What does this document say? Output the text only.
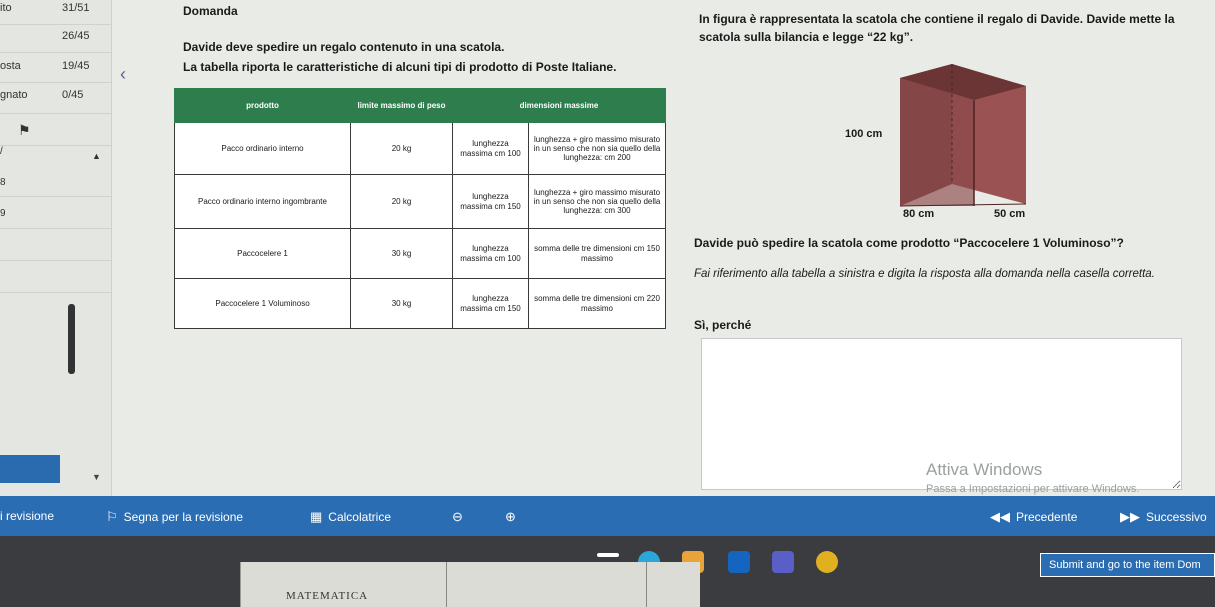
ito	31/51
26/45
osta	19/45
gnato	0/45
⚑
/	▲
8
9
▼
‹
Domanda
Davide deve spedire un regalo contenuto in una scatola.
La tabella riporta le caratteristiche di alcuni tipi di prodotto di Poste Italiane.
prodotto	limite massimo di peso	dimensioni massime	
Pacco ordinario interno	20 kg	lunghezza massima cm 100	lunghezza + giro massimo misurato in un senso che non sia quello della lunghezza: cm 200
Pacco ordinario interno ingombrante	20 kg	lunghezza massima cm 150	lunghezza + giro massimo misurato in un senso che non sia quello della lunghezza: cm 300
Paccocelere 1	30 kg	lunghezza massima cm 100	somma delle tre dimensioni cm 150 massimo
Paccocelere 1 Voluminoso	30 kg	lunghezza massima cm 150	somma delle tre dimensioni cm 220 massimo
In figura è rappresentata la scatola che contiene il regalo di Davide. Davide mette la scatola sulla bilancia e legge “22 kg”.
100 cm
80 cm	50 cm
Davide può spedire la scatola come prodotto “Paccocelere 1 Voluminoso”?
Fai riferimento alla tabella a sinistra e digita la risposta alla domanda nella casella corretta.
Sì, perché
Attiva Windows
Passa a Impostazioni per attivare Windows.
i revisione	⚐ Segna per la revisione	▦ Calcolatrice	⊖	⊕	◀◀ Precedente	▶▶ Successivo
Submit and go to the item Dom
MATEMATICA
